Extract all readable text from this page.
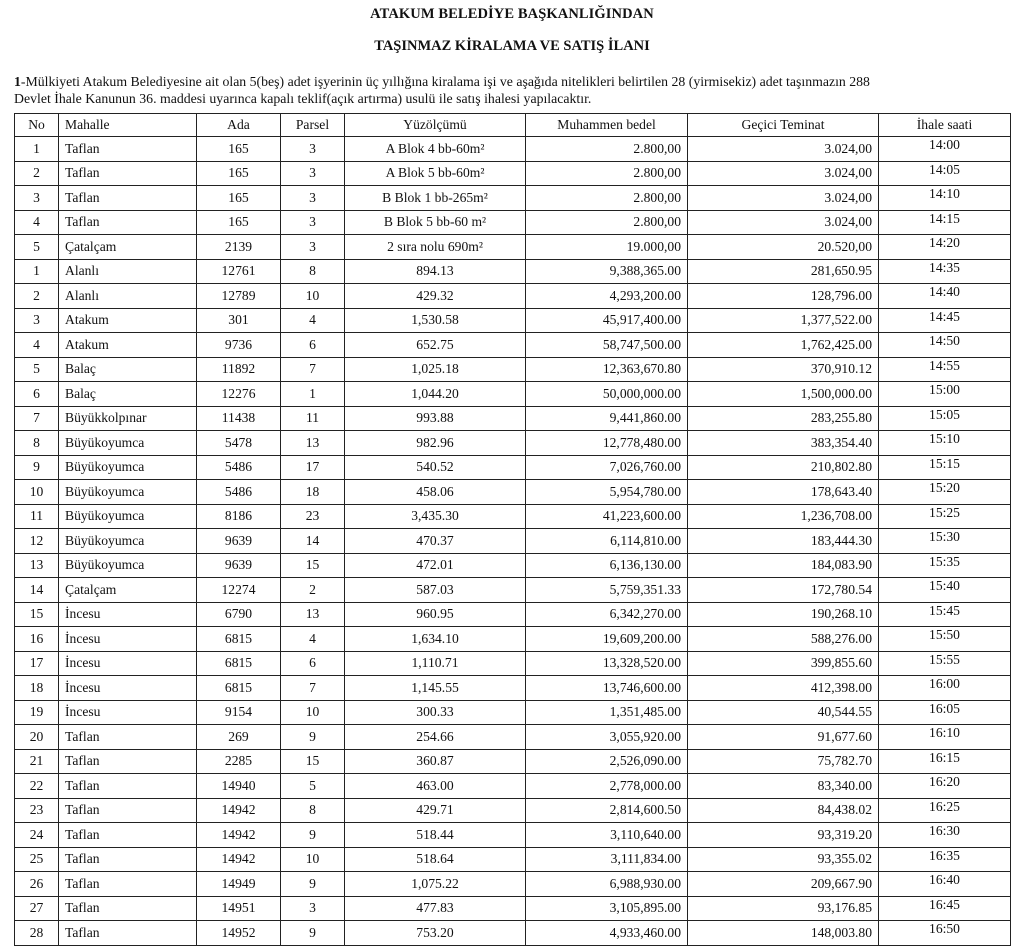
ATAKUM BELEDİYE BAŞKANLIĞINDAN
TAŞINMAZ KİRALAMA VE SATIŞ İLANI
1-Mülkiyeti Atakum Belediyesine ait olan 5(beş) adet işyerinin üç yıllığına kiralama işi ve aşağıda nitelikleri belirtilen 28 (yirmisekiz) adet taşınmazın 288
Devlet İhale Kanunun 36. maddesi uyarınca kapalı teklif(açık artırma) usulü ile satış ihalesi yapılacaktır.
No	Mahalle	Ada	Parsel	Yüzölçümü	Muhammen bedel	Geçici Teminat	İhale saati
1	Taflan	165	3	A Blok 4 bb-60m²	2.800,00	3.024,00	14:00
2	Taflan	165	3	A Blok 5 bb-60m²	2.800,00	3.024,00	14:05
3	Taflan	165	3	B Blok 1 bb-265m²	2.800,00	3.024,00	14:10
4	Taflan	165	3	B Blok 5 bb-60 m²	2.800,00	3.024,00	14:15
5	Çatalçam	2139	3	2 sıra nolu 690m²	19.000,00	20.520,00	14:20
1	Alanlı	12761	8	894.13	9,388,365.00	281,650.95	14:35
2	Alanlı	12789	10	429.32	4,293,200.00	128,796.00	14:40
3	Atakum	301	4	1,530.58	45,917,400.00	1,377,522.00	14:45
4	Atakum	9736	6	652.75	58,747,500.00	1,762,425.00	14:50
5	Balaç	11892	7	1,025.18	12,363,670.80	370,910.12	14:55
6	Balaç	12276	1	1,044.20	50,000,000.00	1,500,000.00	15:00
7	Büyükkolpınar	11438	11	993.88	9,441,860.00	283,255.80	15:05
8	Büyükoyumca	5478	13	982.96	12,778,480.00	383,354.40	15:10
9	Büyükoyumca	5486	17	540.52	7,026,760.00	210,802.80	15:15
10	Büyükoyumca	5486	18	458.06	5,954,780.00	178,643.40	15:20
11	Büyükoyumca	8186	23	3,435.30	41,223,600.00	1,236,708.00	15:25
12	Büyükoyumca	9639	14	470.37	6,114,810.00	183,444.30	15:30
13	Büyükoyumca	9639	15	472.01	6,136,130.00	184,083.90	15:35
14	Çatalçam	12274	2	587.03	5,759,351.33	172,780.54	15:40
15	İncesu	6790	13	960.95	6,342,270.00	190,268.10	15:45
16	İncesu	6815	4	1,634.10	19,609,200.00	588,276.00	15:50
17	İncesu	6815	6	1,110.71	13,328,520.00	399,855.60	15:55
18	İncesu	6815	7	1,145.55	13,746,600.00	412,398.00	16:00
19	İncesu	9154	10	300.33	1,351,485.00	40,544.55	16:05
20	Taflan	269	9	254.66	3,055,920.00	91,677.60	16:10
21	Taflan	2285	15	360.87	2,526,090.00	75,782.70	16:15
22	Taflan	14940	5	463.00	2,778,000.00	83,340.00	16:20
23	Taflan	14942	8	429.71	2,814,600.50	84,438.02	16:25
24	Taflan	14942	9	518.44	3,110,640.00	93,319.20	16:30
25	Taflan	14942	10	518.64	3,111,834.00	93,355.02	16:35
26	Taflan	14949	9	1,075.22	6,988,930.00	209,667.90	16:40
27	Taflan	14951	3	477.83	3,105,895.00	93,176.85	16:45
28	Taflan	14952	9	753.20	4,933,460.00	148,003.80	16:50
